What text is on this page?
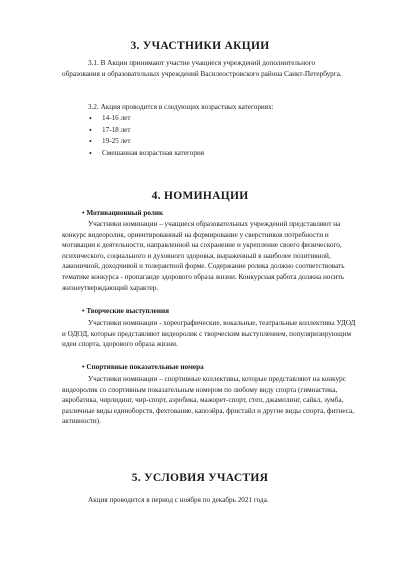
3. УЧАСТНИКИ АКЦИИ
3.1. В Акции принимают участие учащиеся учреждений дополнительного образования и образовательных учреждений Василеостровского района Санкт-Петербурга.
3.2. Акция проводится в следующих возрастных категориях:
• 14-16 лет
• 17-18 лет
• 19-25 лет
• Смешанная возрастная категория
4. НОМИНАЦИИ
• Мотивационный ролик
Участники номинации – учащиеся образовательных учреждений представляют на конкурс видеоролик, ориентированный на формирование у сверстников потребности и мотивации к деятельности, направленной на сохранение и укрепление своего физического, психического, социального и духовного здоровья, выраженный в наиболее позитивной, лаконичной, доходчивой и толерантной форме. Содержание ролика должно соответствовать тематике конкурса - пропаганде здорового образа жизни. Конкурсная работа должна носить жизнеутверждающий характер.
• Творческие выступления
Участники номинации - хореографические, вокальные, театральные коллективы УДОД и ОДОД, которые представляют видеоролик с творческим выступлением, популяризирующим идеи спорта, здорового образа жизни.
• Спортивные показательные номера
Участники номинации – спортивные коллективы, которые представляют на конкурс видеоролик со спортивным показательным номером по любому виду спорта (гимнастика, акробатика, чирлидинг, чир-спорт, аэробика, мажорет-спорт, степ, джамплинг, сайкл, зумба, различные виды единоборств, фехтование, капоэйра, фристайл и другие виды спорта, фитнеса, активности).
5. УСЛОВИЯ УЧАСТИЯ
Акция проводится в период с ноября по декабрь 2021 года.
